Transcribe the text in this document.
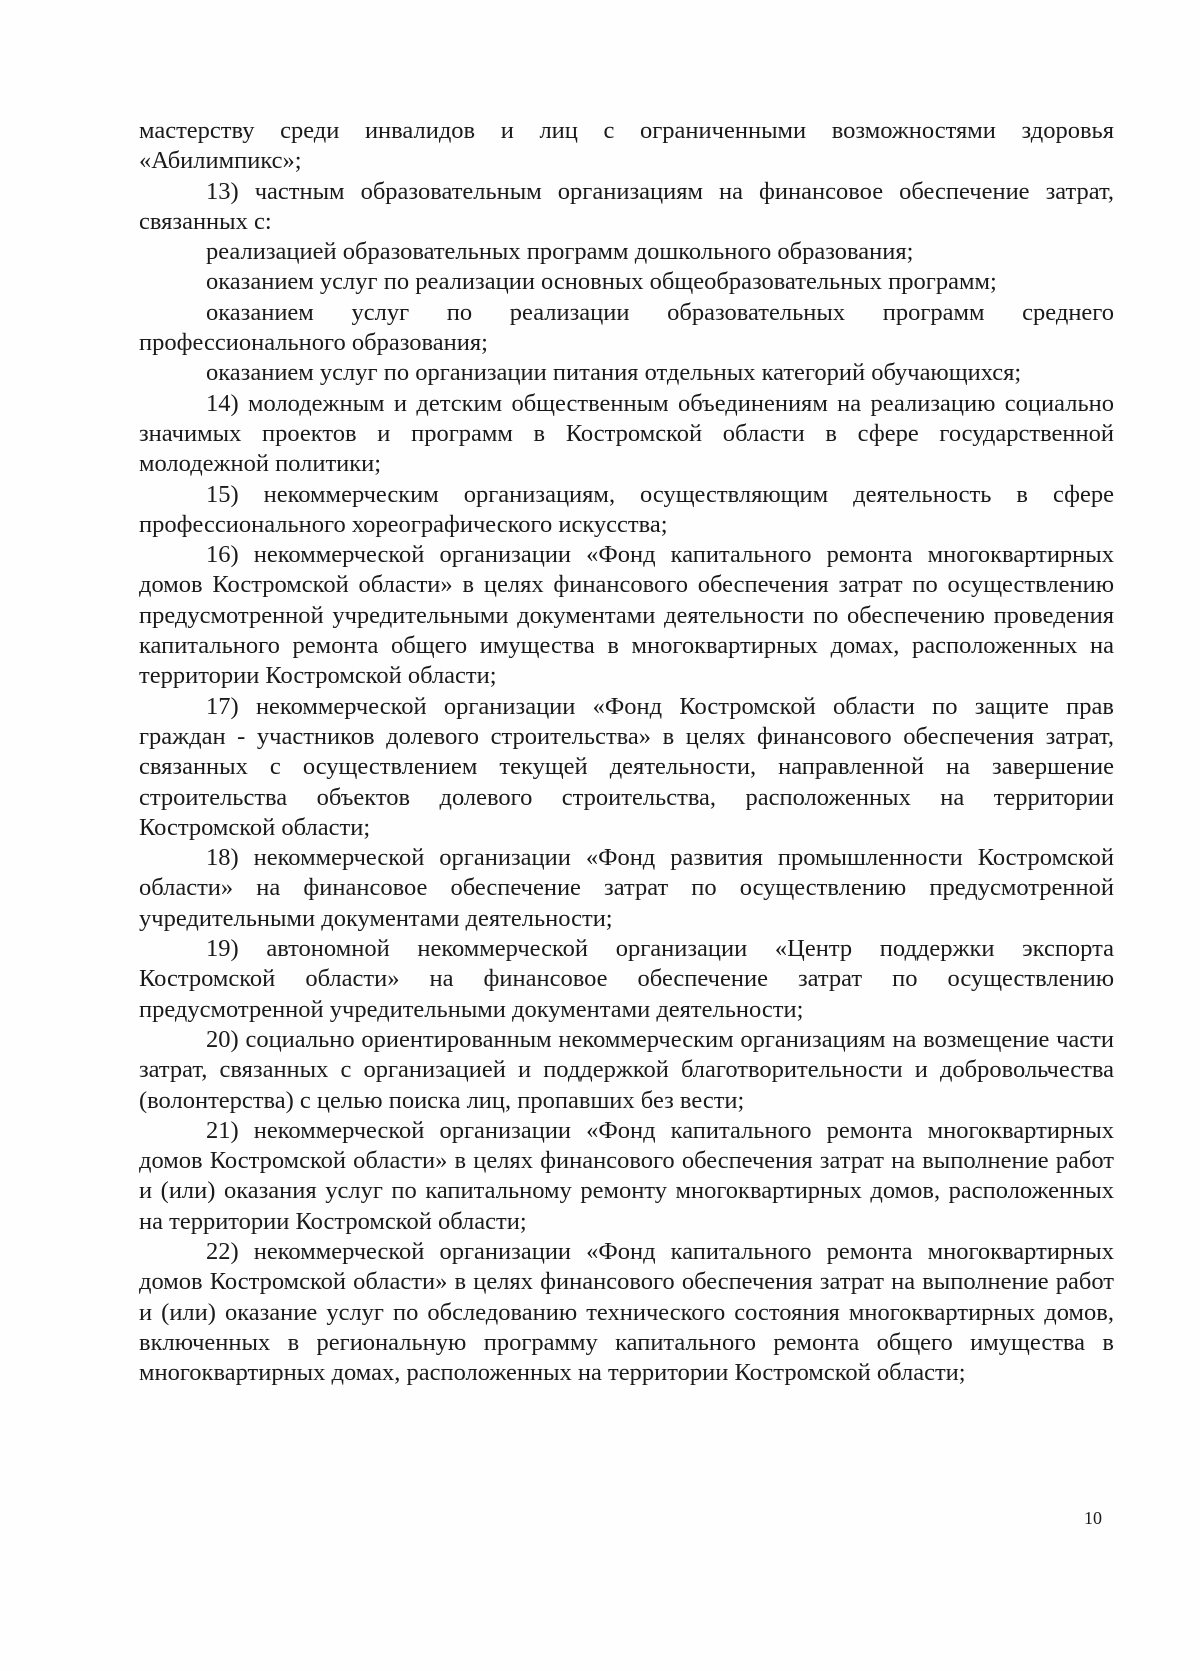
мастерству среди инвалидов и лиц с ограниченными возможностями здоровья «Абилимпикс»;

13) частным образовательным организациям на финансовое обеспечение затрат, связанных с:

реализацией образовательных программ дошкольного образования;

оказанием услуг по реализации основных общеобразовательных программ;

оказанием услуг по реализации образовательных программ среднего профессионального образования;

оказанием услуг по организации питания отдельных категорий обучающихся;

14) молодежным и детским общественным объединениям на реализацию социально значимых проектов и программ в Костромской области в сфере государственной молодежной политики;

15) некоммерческим организациям, осуществляющим деятельность в сфере профессионального хореографического искусства;

16) некоммерческой организации «Фонд капитального ремонта многоквартирных домов Костромской области» в целях финансового обеспечения затрат по осуществлению предусмотренной учредительными документами деятельности по обеспечению проведения капитального ремонта общего имущества в многоквартирных домах, расположенных на территории Костромской области;

17) некоммерческой организации «Фонд Костромской области по защите прав граждан - участников долевого строительства» в целях финансового обеспечения затрат, связанных с осуществлением текущей деятельности, направленной на завершение строительства объектов долевого строительства, расположенных на территории Костромской области;

18) некоммерческой организации «Фонд развития промышленности Костромской области» на финансовое обеспечение затрат по осуществлению предусмотренной учредительными документами деятельности;

19) автономной некоммерческой организации «Центр поддержки экспорта Костромской области» на финансовое обеспечение затрат по осуществлению предусмотренной учредительными документами деятельности;

20) социально ориентированным некоммерческим организациям на возмещение части затрат, связанных с организацией и поддержкой благотворительности и добровольчества (волонтерства) с целью поиска лиц, пропавших без вести;

21) некоммерческой организации «Фонд капитального ремонта многоквартирных домов Костромской области» в целях финансового обеспечения затрат на выполнение работ и (или) оказания услуг по капитальному ремонту многоквартирных домов, расположенных на территории Костромской области;

22) некоммерческой организации «Фонд капитального ремонта многоквартирных домов Костромской области» в целях финансового обеспечения затрат на выполнение работ и (или) оказание услуг по обследованию технического состояния многоквартирных домов, включенных в региональную программу капитального ремонта общего имущества в многоквартирных домах, расположенных на территории Костромской области;

10
